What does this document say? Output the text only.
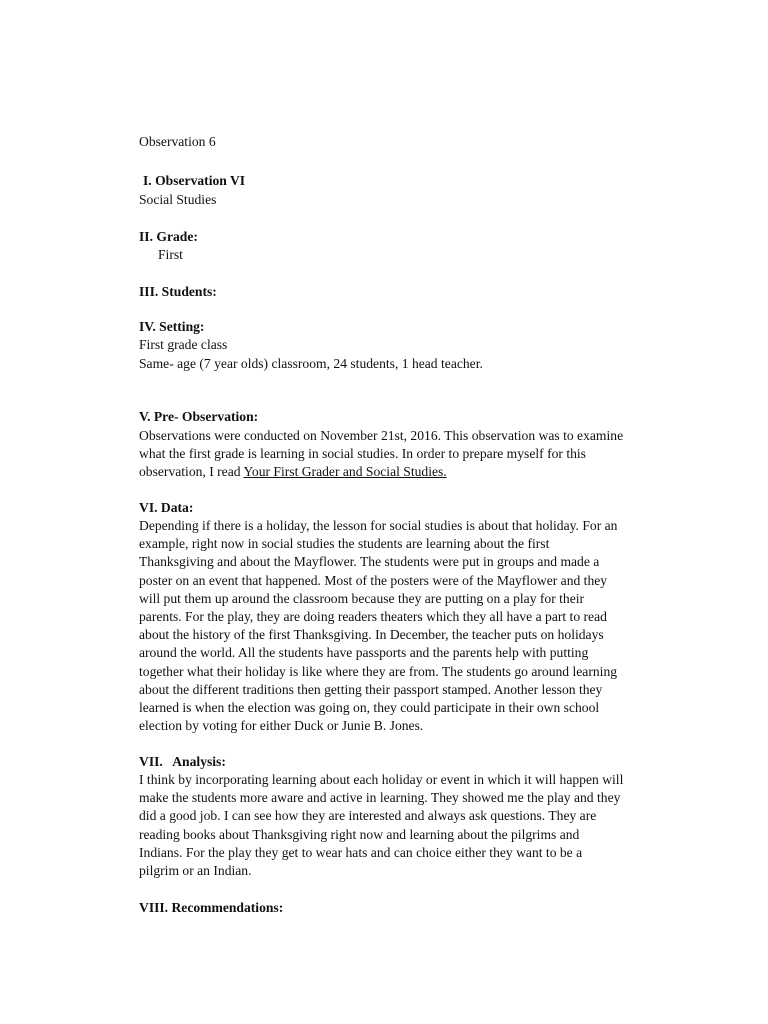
Observation 6

I. Observation VI

Social Studies

II. Grade:

First

III. Students:

IV. Setting:

First grade class

Same- age (7 year olds) classroom, 24 students, 1 head teacher.

V. Pre- Observation:

Observations were conducted on November 21st, 2016. This observation was to examine
what the first grade is learning in social studies. In order to prepare myself for this
observation, I read Your First Grader and Social Studies.

VI. Data:

Depending if there is a holiday, the lesson for social studies is about that holiday. For an
example, right now in social studies the students are learning about the first
Thanksgiving and about the Mayflower. The students were put in groups and made a
poster on an event that happened. Most of the posters were of the Mayflower and they
will put them up around the classroom because they are putting on a play for their
parents. For the play, they are doing readers theaters which they all have a part to read
about the history of the first Thanksgiving. In December, the teacher puts on holidays
around the world. All the students have passports and the parents help with putting
together what their holiday is like where they are from. The students go around learning
about the different traditions then getting their passport stamped. Another lesson they
learned is when the election was going on, they could participate in their own school
election by voting for either Duck or Junie B. Jones.

VII.   Analysis:

I think by incorporating learning about each holiday or event in which it will happen will
make the students more aware and active in learning. They showed me the play and they
did a good job. I can see how they are interested and always ask questions. They are
reading books about Thanksgiving right now and learning about the pilgrims and
Indians. For the play they get to wear hats and can choice either they want to be a
pilgrim or an Indian.

VIII. Recommendations:
